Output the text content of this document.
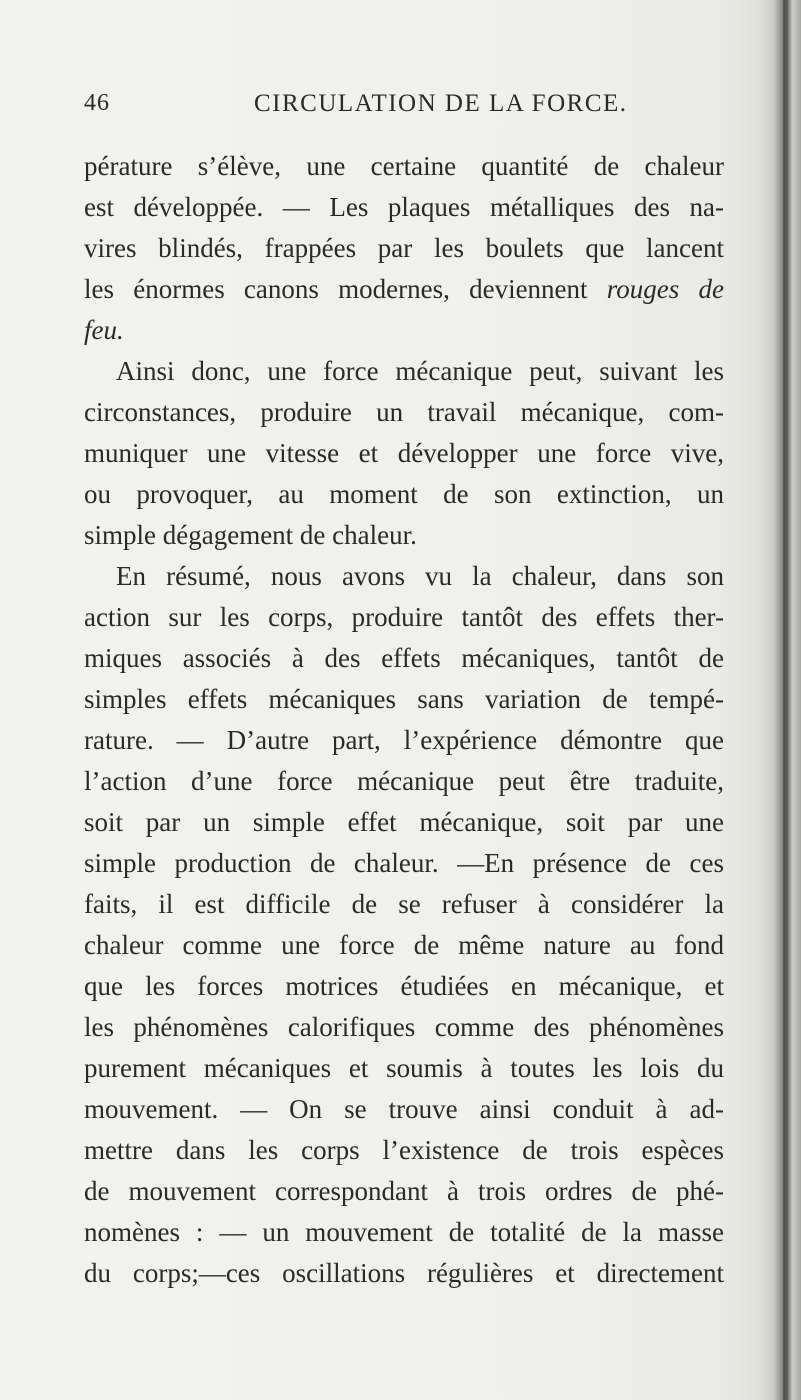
46	CIRCULATION DE LA FORCE.
pérature s’élève, une certaine quantité de chaleur
est développée. — Les plaques métalliques des na-
vires blindés, frappées par les boulets que lancent
les énormes canons modernes, deviennent rouges de
feu.
Ainsi donc, une force mécanique peut, suivant les
circonstances, produire un travail mécanique, com-
muniquer une vitesse et développer une force vive,
ou provoquer, au moment de son extinction, un
simple dégagement de chaleur.
En résumé, nous avons vu la chaleur, dans son
action sur les corps, produire tantôt des effets ther-
miques associés à des effets mécaniques, tantôt de
simples effets mécaniques sans variation de tempé-
rature. — D’autre part, l’expérience démontre que
l’action d’une force mécanique peut être traduite,
soit par un simple effet mécanique, soit par une
simple production de chaleur. —En présence de ces
faits, il est difficile de se refuser à considérer la
chaleur comme une force de même nature au fond
que les forces motrices étudiées en mécanique, et
les phénomènes calorifiques comme des phénomènes
purement mécaniques et soumis à toutes les lois du
mouvement. — On se trouve ainsi conduit à ad-
mettre dans les corps l’existence de trois espèces
de mouvement correspondant à trois ordres de phé-
nomènes : — un mouvement de totalité de la masse
du corps;—ces oscillations régulières et directement
